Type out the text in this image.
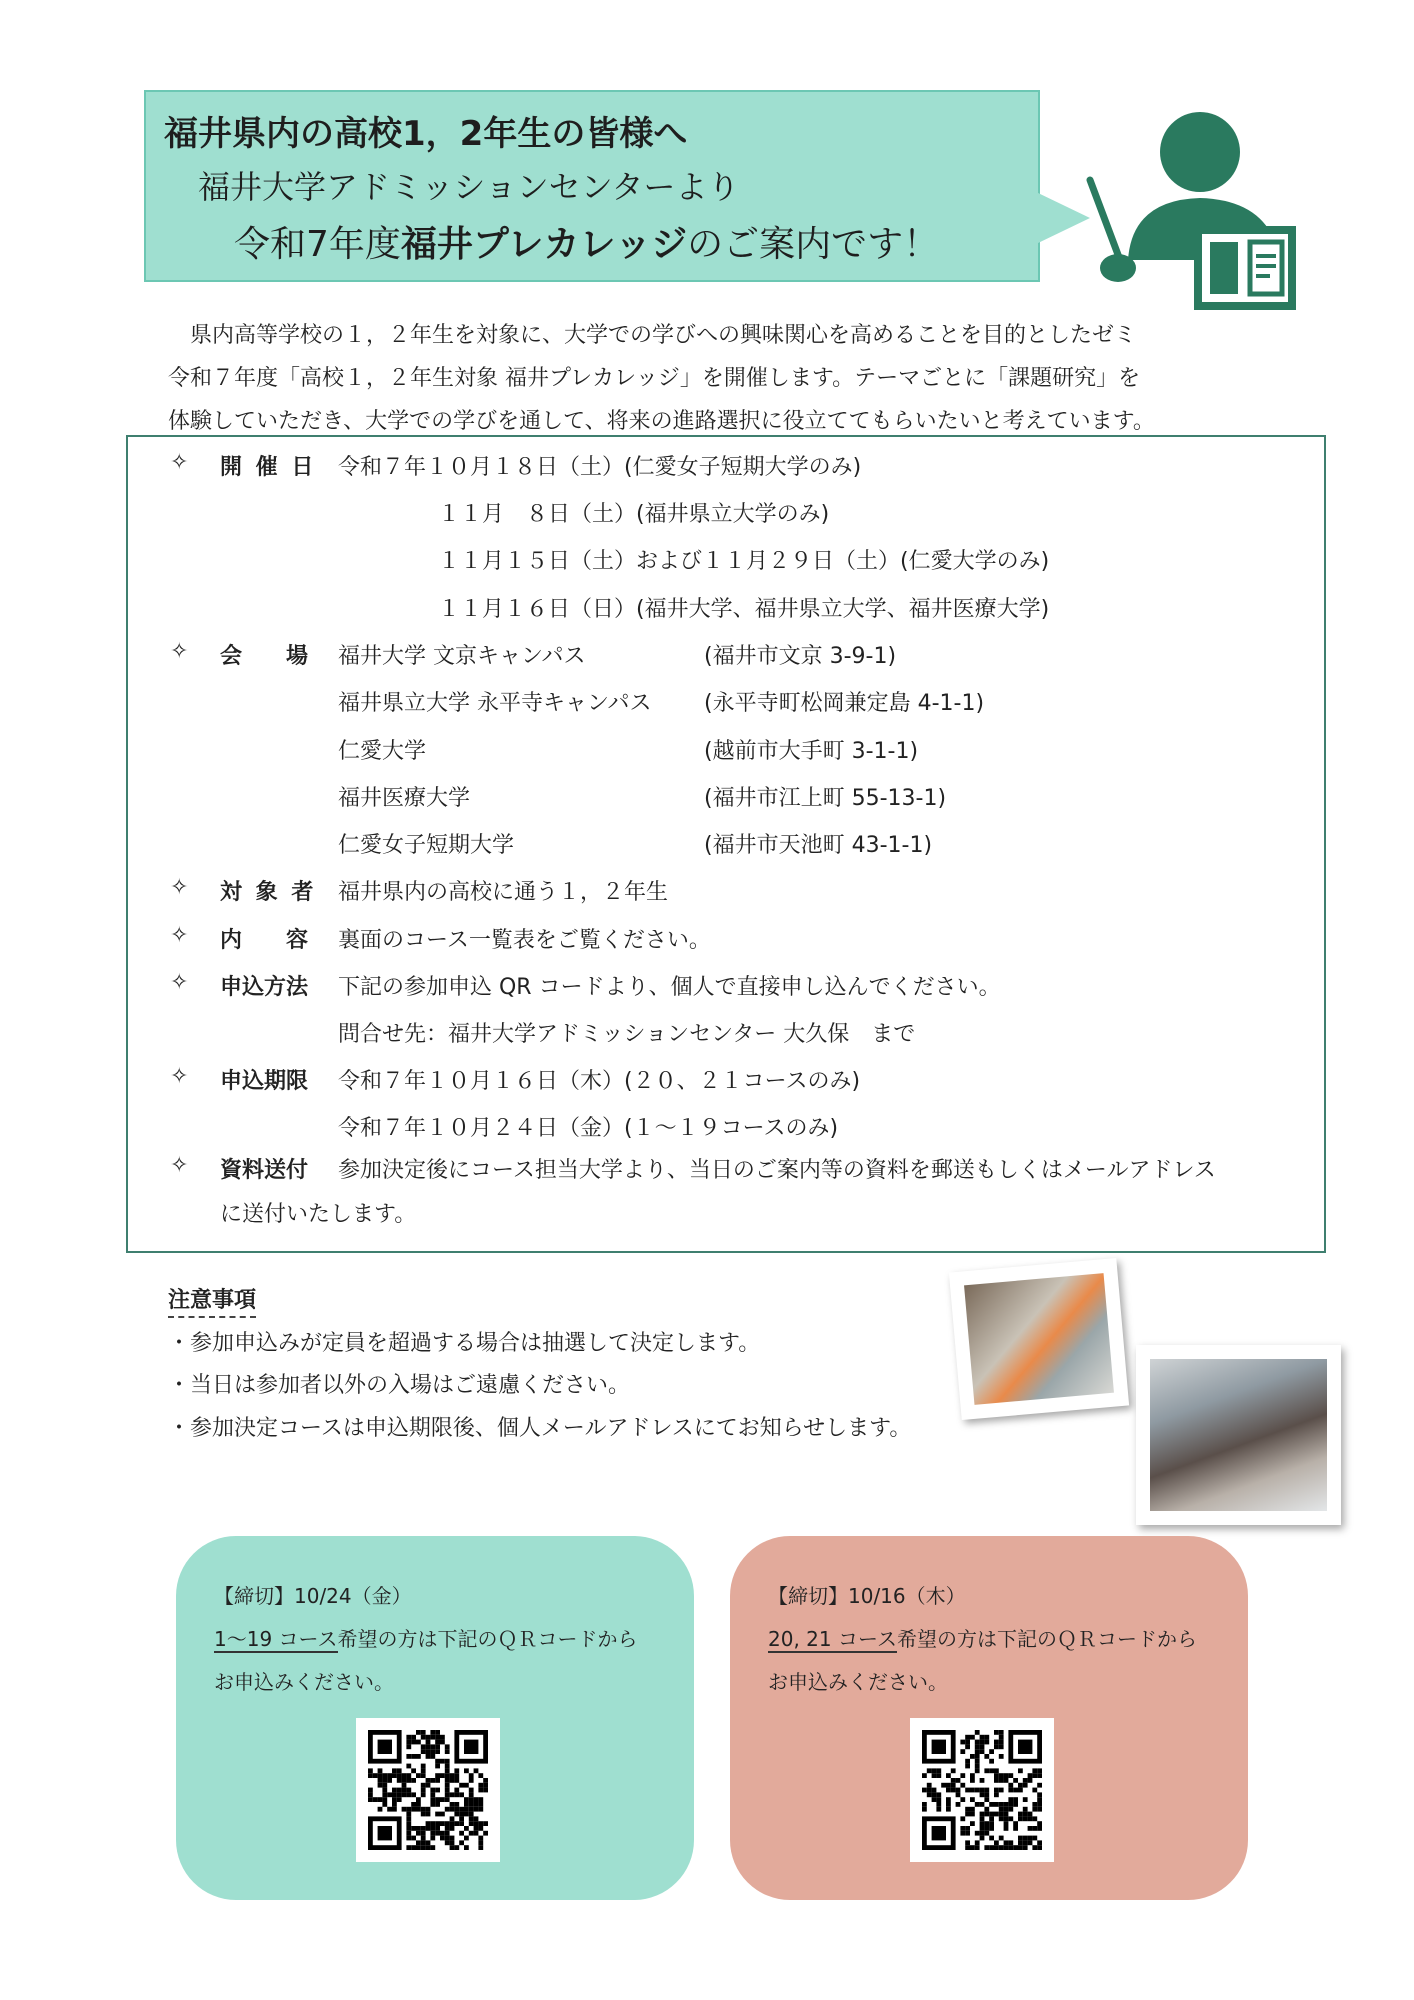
福井県内の高校1，2年生の皆様へ
福井大学アドミッションセンターより
令和7年度福井プレカレッジのご案内です！

県内高等学校の１，２年生を対象に、大学での学びへの興味関心を高めることを目的としたゼミ

令和７年度「高校１，２年生対象 福井プレカレッジ」を開催します。テーマごとに「課題研究」を

体験していただき、大学での学びを通して、将来の進路選択に役立ててもらいたいと考えています。

✧ 開 催 日 令和７年１０月１８日（土）(仁愛女子短期大学のみ)
１１月　８日（土）(福井県立大学のみ)
１１月１５日（土）および１１月２９日（土）(仁愛大学のみ)
１１月１６日（日）(福井大学、福井県立大学、福井医療大学)
✧ 会　　場 福井大学 文京キャンパス	(福井市文京 3-9-1)
福井県立大学 永平寺キャンパス (永平寺町松岡兼定島 4-1-1)
仁愛大学	(越前市大手町 3-1-1)
福井医療大学	(福井市江上町 55-13-1)
仁愛女子短期大学	(福井市天池町 43-1-1)
✧ 対 象 者 福井県内の高校に通う１，２年生
✧ 内　　容 裏面のコース一覧表をご覧ください。
✧ 申込方法 下記の参加申込 QR コードより、個人で直接申し込んでください。
問合せ先：福井大学アドミッションセンター 大久保　まで
✧ 申込期限 令和７年１０月１６日（木）(２０、２１コースのみ)
令和７年１０月２４日（金）(１～１９コースのみ)
✧ 資料送付 参加決定後にコース担当大学より、当日のご案内等の資料を郵送もしくはメールアドレス
に送付いたします。
注意事項
・参加申込みが定員を超過する場合は抽選して決定します。
・当日は参加者以外の入場はご遠慮ください。
・参加決定コースは申込期限後、個人メールアドレスにてお知らせします。
【締切】10/24（金）
1～19 コース希望の方は下記のＱＲコードから
お申込みください。
【締切】10/16（木）
20, 21 コース希望の方は下記のＱＲコードから
お申込みください。
